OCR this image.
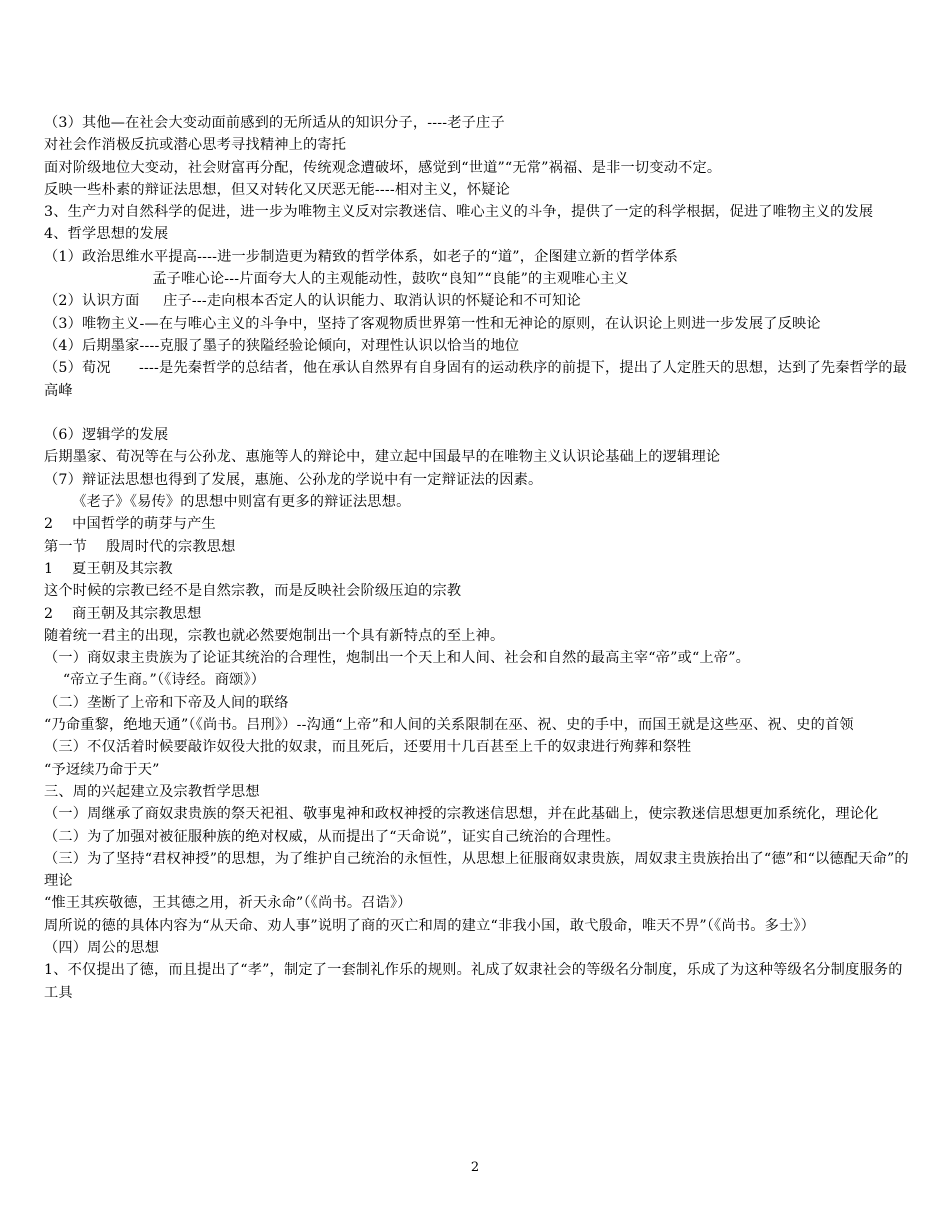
（3）其他—在社会大变动面前感到的无所适从的知识分子，----老子庄子
对社会作消极反抗或潜心思考寻找精神上的寄托
面对阶级地位大变动，社会财富再分配，传统观念遭破坏，感觉到“世道”“无常”祸福、是非一切变动不定。
反映一些朴素的辩证法思想，但又对转化又厌恶无能----相对主义，怀疑论
3、生产力对自然科学的促进，进一步为唯物主义反对宗教迷信、唯心主义的斗争，提供了一定的科学根据，促进了唯物主义的发展
4、哲学思想的发展
（1）政治思维水平提高----进一步制造更为精致的哲学体系，如老子的“道”，企图建立新的哲学体系
孟子唯心论---片面夸大人的主观能动性，鼓吹“良知”“良能”的主观唯心主义
（2）认识方面     庄子---走向根本否定人的认识能力、取消认识的怀疑论和不可知论
（3）唯物主义-—在与唯心主义的斗争中，坚持了客观物质世界第一性和无神论的原则，在认识论上则进一步发展了反映论
（4）后期墨家----克服了墨子的狭隘经验论倾向，对理性认识以恰当的地位
（5）荀况      ----是先秦哲学的总结者，他在承认自然界有自身固有的运动秩序的前提下，提出了人定胜天的思想，达到了先秦哲学的最高峰
（6）逻辑学的发展
后期墨家、荀况等在与公孙龙、惠施等人的辩论中，建立起中国最早的在唯物主义认识论基础上的逻辑理论
（7）辩证法思想也得到了发展，惠施、公孙龙的学说中有一定辩证法的因素。
《老子》《易传》的思想中则富有更多的辩证法思想。
2    中国哲学的萌芽与产生
第一节    殷周时代的宗教思想
1    夏王朝及其宗教
这个时候的宗教已经不是自然宗教，而是反映社会阶级压迫的宗教
2    商王朝及其宗教思想
随着统一君主的出现，宗教也就必然要炮制出一个具有新特点的至上神。
（一）商奴隶主贵族为了论证其统治的合理性，炮制出一个天上和人间、社会和自然的最高主宰“帝”或“上帝”。
“帝立子生商。”（《诗经。商颂》）
（二）垄断了上帝和下帝及人间的联络
“乃命重黎，绝地天通”（《尚书。吕刑》）--沟通“上帝”和人间的关系限制在巫、祝、史的手中，而国王就是这些巫、祝、史的首领
（三）不仅活着时候要敲诈奴役大批的奴隶，而且死后，还要用十几百甚至上千的奴隶进行殉葬和祭牲
“予迓续乃命于天”
三、周的兴起建立及宗教哲学思想
（一）周继承了商奴隶贵族的祭天祀祖、敬事鬼神和政权神授的宗教迷信思想，并在此基础上，使宗教迷信思想更加系统化，理论化
（二）为了加强对被征服种族的绝对权威，从而提出了“天命说”，证实自己统治的合理性。
（三）为了坚持“君权神授”的思想，为了维护自己统治的永恒性，从思想上征服商奴隶贵族，周奴隶主贵族抬出了“德”和“以德配天命”的理论
“惟王其疾敬德，王其德之用，祈天永命”（《尚书。召诰》）
周所说的德的具体内容为“从天命、劝人事”说明了商的灭亡和周的建立“非我小国，敢弋殷命，唯天不畀”（《尚书。多士》）
（四）周公的思想
1、不仅提出了德，而且提出了“孝”，制定了一套制礼作乐的规则。礼成了奴隶社会的等级名分制度，乐成了为这种等级名分制度服务的工具
2
